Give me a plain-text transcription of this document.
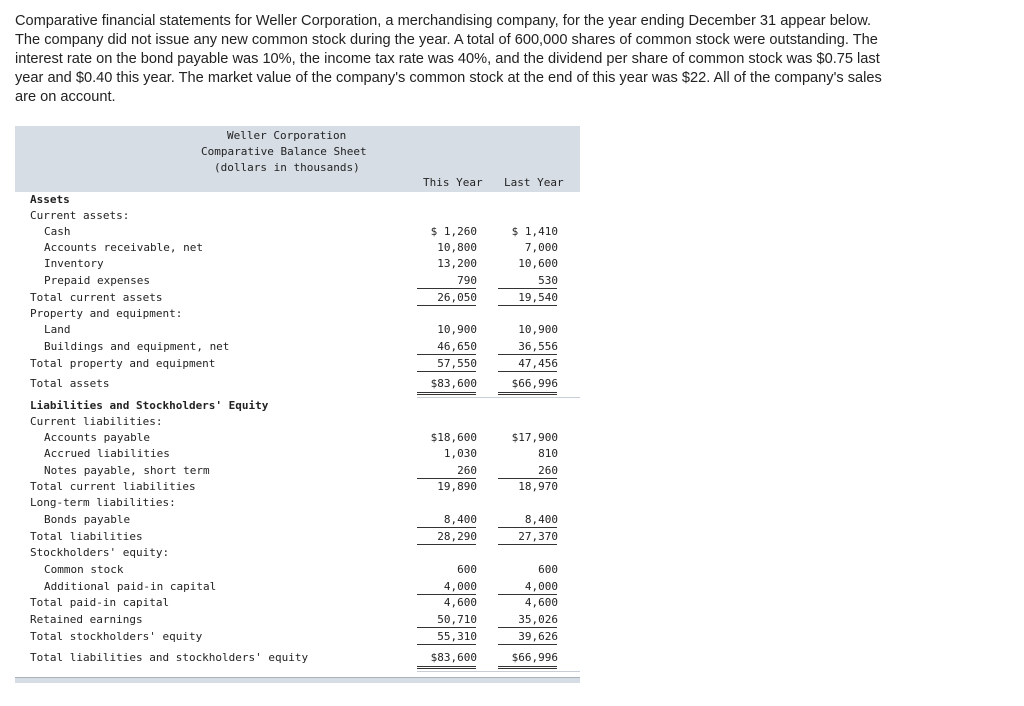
Comparative financial statements for Weller Corporation, a merchandising company, for the year ending December 31 appear below.

The company did not issue any new common stock during the year. A total of 600,000 shares of common stock were outstanding. The

interest rate on the bond payable was 10%, the income tax rate was 40%, and the dividend per share of common stock was $0.75 last

year and $0.40 this year. The market value of the company's common stock at the end of this year was $22. All of the company's sales

are on account.

Weller Corporation
Comparative Balance Sheet
(dollars in thousands)
This Year Last Year
Assets
Current assets:
Cash	$ 1,260	$ 1,410
Accounts receivable, net	10,800	7,000
Inventory	13,200	10,600
Prepaid expenses	790	530
Total current assets	26,050	19,540
Property and equipment:
Land	10,900	10,900
Buildings and equipment, net	46,650	36,556
Total property and equipment	57,550	47,456
Total assets	$83,600	$66,996
Liabilities and Stockholders' Equity
Current liabilities:
Accounts payable	$18,600	$17,900
Accrued liabilities	1,030	810
Notes payable, short term	260	260
Total current liabilities	19,890	18,970
Long-term liabilities:
Bonds payable	8,400	8,400
Total liabilities	28,290	27,370
Stockholders' equity:
Common stock	600	600
Additional paid-in capital	4,000	4,000
Total paid-in capital	4,600	4,600
Retained earnings	50,710	35,026
Total stockholders' equity	55,310	39,626
Total liabilities and stockholders' equity	$83,600	$66,996
